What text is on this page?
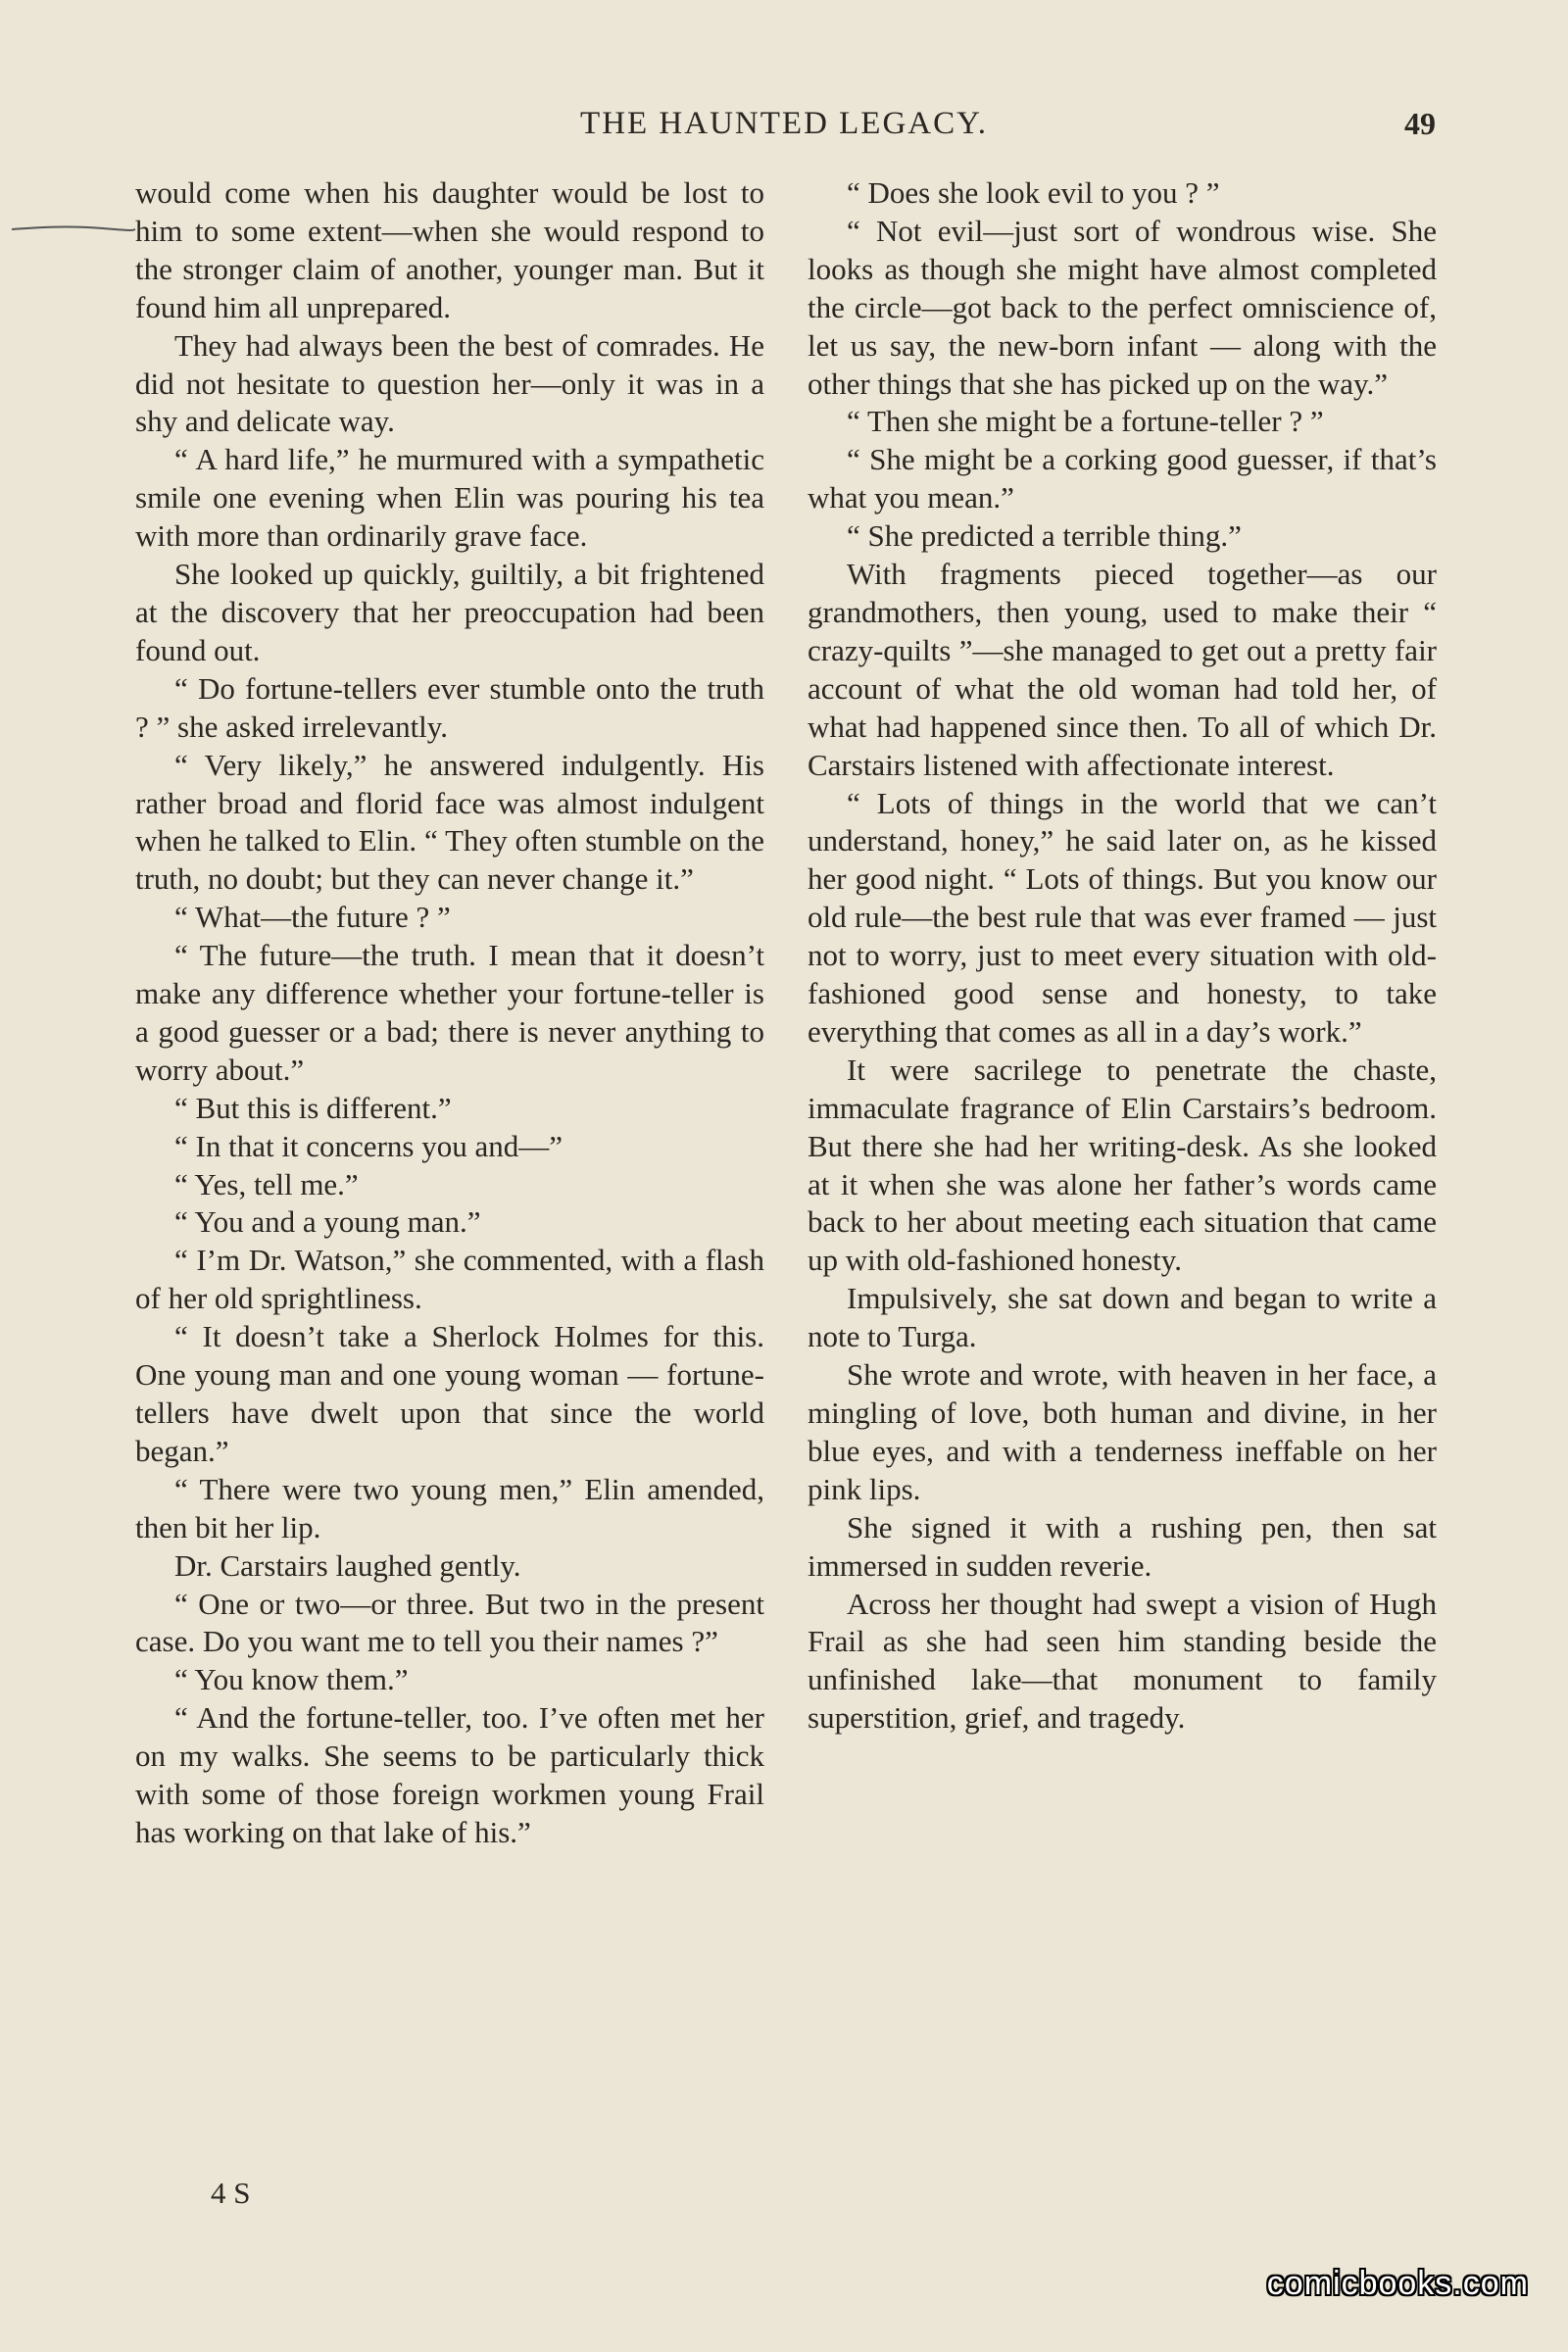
THE HAUNTED LEGACY.	49

would come when his daughter would be lost to him to some extent—when she would respond to the stronger claim of another, younger man. But it found him all unprepared.

They had always been the best of comrades. He did not hesitate to question her—only it was in a shy and delicate way.

“ A hard life,” he murmured with a sympathetic smile one evening when Elin was pouring his tea with more than ordinarily grave face.

She looked up quickly, guiltily, a bit frightened at the discovery that her preoccupation had been found out.

“ Do fortune-tellers ever stumble onto the truth ? ” she asked irrelevantly.

“ Very likely,” he answered indulgently. His rather broad and florid face was almost indulgent when he talked to Elin. “ They often stumble on the truth, no doubt; but they can never change it.”

“ What—the future ? ”

“ The future—the truth. I mean that it doesn’t make any difference whether your fortune-teller is a good guesser or a bad; there is never anything to worry about.”

“ But this is different.”

“ In that it concerns you and—”

“ Yes, tell me.”

“ You and a young man.”

“ I’m Dr. Watson,” she commented, with a flash of her old sprightliness.

“ It doesn’t take a Sherlock Holmes for this. One young man and one young woman — fortune-tellers have dwelt upon that since the world began.”

“ There were two young men,” Elin amended, then bit her lip.

Dr. Carstairs laughed gently.

“ One or two—or three. But two in the present case. Do you want me to tell you their names ?”

“ You know them.”

“ And the fortune-teller, too. I’ve often met her on my walks. She seems to be particularly thick with some of those foreign workmen young Frail has working on that lake of his.”

“ Does she look evil to you ? ”

“ Not evil—just sort of wondrous wise. She looks as though she might have almost completed the circle—got back to the perfect omniscience of, let us say, the new-born infant — along with the other things that she has picked up on the way.”

“ Then she might be a fortune-teller ? ”

“ She might be a corking good guesser, if that’s what you mean.”

“ She predicted a terrible thing.”

With fragments pieced together—as our grandmothers, then young, used to make their “ crazy-quilts ”—she managed to get out a pretty fair account of what the old woman had told her, of what had happened since then. To all of which Dr. Carstairs listened with affectionate interest.

“ Lots of things in the world that we can’t understand, honey,” he said later on, as he kissed her good night. “ Lots of things. But you know our old rule—the best rule that was ever framed — just not to worry, just to meet every situation with old-fashioned good sense and honesty, to take everything that comes as all in a day’s work.”

It were sacrilege to penetrate the chaste, immaculate fragrance of Elin Carstairs’s bedroom. But there she had her writing-desk. As she looked at it when she was alone her father’s words came back to her about meeting each situation that came up with old-fashioned honesty.

Impulsively, she sat down and began to write a note to Turga.

She wrote and wrote, with heaven in her face, a mingling of love, both human and divine, in her blue eyes, and with a tenderness ineffable on her pink lips.

She signed it with a rushing pen, then sat immersed in sudden reverie.

Across her thought had swept a vision of Hugh Frail as she had seen him standing beside the unfinished lake—that monument to family superstition, grief, and tragedy.

4 S
comicbooks.com
